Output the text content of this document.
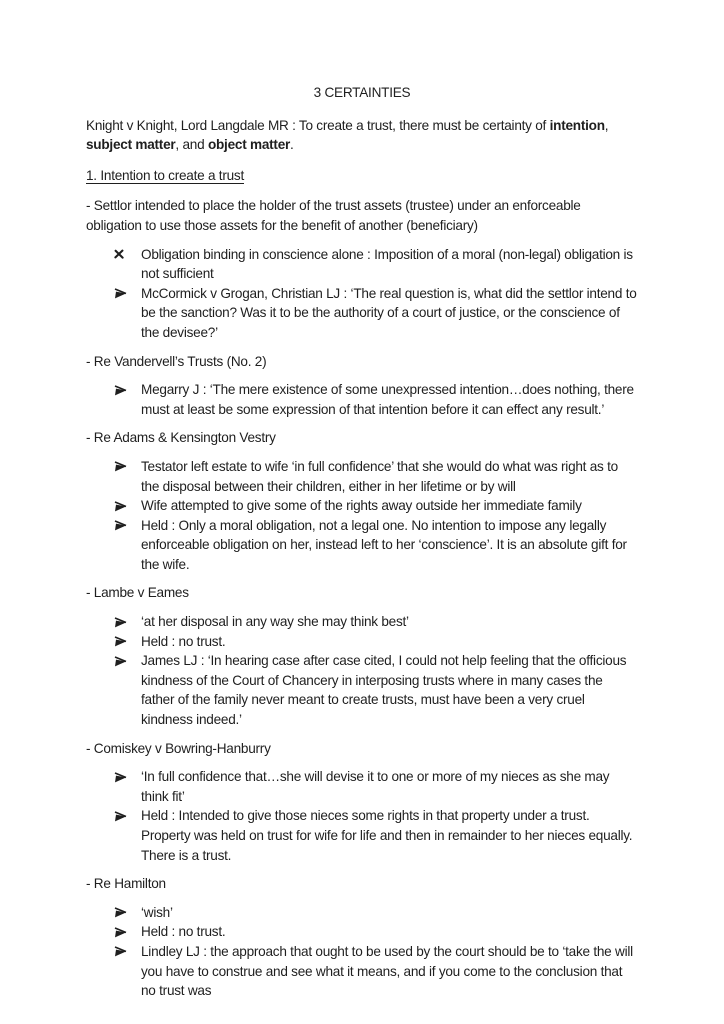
3 CERTAINTIES

Knight v Knight, Lord Langdale MR : To create a trust, there must be certainty of intention, subject matter, and object matter.

1. Intention to create a trust

- Settlor intended to place the holder of the trust assets (trustee) under an enforceable obligation to use those assets for the benefit of another (beneficiary)

Obligation binding in conscience alone : Imposition of a moral (non-legal) obligation is not sufficient
McCormick v Grogan, Christian LJ : ‘The real question is, what did the settlor intend to be the sanction? Was it to be the authority of a court of justice, or the conscience of the devisee?’

- Re Vandervell’s Trusts (No. 2)

Megarry J : ‘The mere existence of some unexpressed intention…does nothing, there must at least be some expression of that intention before it can effect any result.’

- Re Adams & Kensington Vestry

Testator left estate to wife ‘in full confidence’ that she would do what was right as to the disposal between their children, either in her lifetime or by will
Wife attempted to give some of the rights away outside her immediate family
Held : Only a moral obligation, not a legal one. No intention to impose any legally enforceable obligation on her, instead left to her ‘conscience’. It is an absolute gift for the wife.

- Lambe v Eames

‘at her disposal in any way she may think best’
Held : no trust.
James LJ : ‘In hearing case after case cited, I could not help feeling that the officious kindness of the Court of Chancery in interposing trusts where in many cases the father of the family never meant to create trusts, must have been a very cruel kindness indeed.’

- Comiskey v Bowring-Hanburry

‘In full confidence that…she will devise it to one or more of my nieces as she may think fit’
Held : Intended to give those nieces some rights in that property under a trust. Property was held on trust for wife for life and then in remainder to her nieces equally. There is a trust.

- Re Hamilton

‘wish’
Held : no trust.
Lindley LJ : the approach that ought to be used by the court should be to ‘take the will you have to construe and see what it means, and if you come to the conclusion that no trust was
